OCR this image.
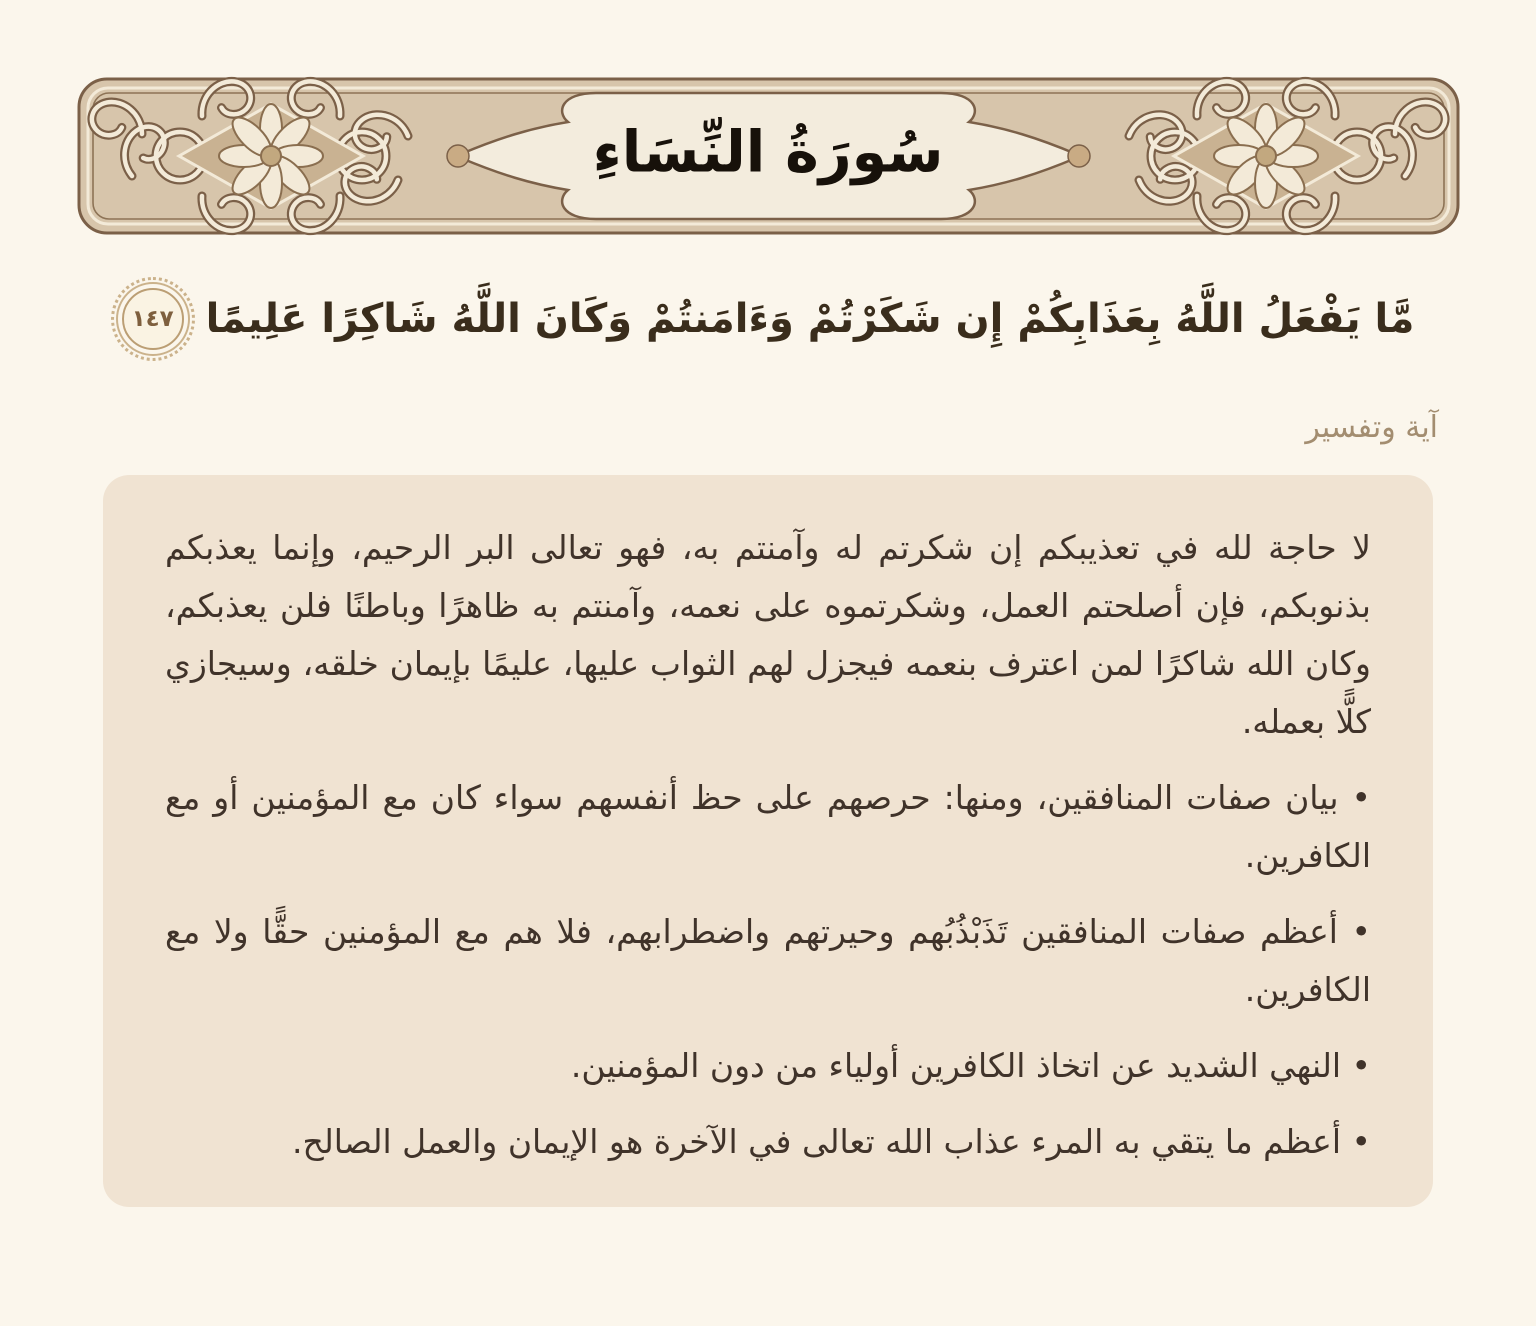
سُورَةُ النِّسَاءِ
مَّا يَفْعَلُ اللَّهُ بِعَذَابِكُمْ إِن شَكَرْتُمْ وَءَامَنتُمْ وَكَانَ اللَّهُ شَاكِرًا عَلِيمًا
١٤٧
آية وتفسير

لا حاجة لله في تعذيبكم إن شكرتم له وآمنتم به، فهو تعالى البر الرحيم، وإنما يعذبكم بذنوبكم، فإن أصلحتم العمل، وشكرتموه على نعمه، وآمنتم به ظاهرًا وباطنًا فلن يعذبكم، وكان الله شاكرًا لمن اعترف بنعمه فيجزل لهم الثواب عليها، عليمًا بإيمان خلقه، وسيجازي كلًّا بعمله.

• بيان صفات المنافقين، ومنها: حرصهم على حظ أنفسهم سواء كان مع المؤمنين أو مع الكافرين.

• أعظم صفات المنافقين تَذَبْذُبُهم وحيرتهم واضطرابهم، فلا هم مع المؤمنين حقًّا ولا مع الكافرين.

• النهي الشديد عن اتخاذ الكافرين أولياء من دون المؤمنين.

• أعظم ما يتقي به المرء عذاب الله تعالى في الآخرة هو الإيمان والعمل الصالح.
